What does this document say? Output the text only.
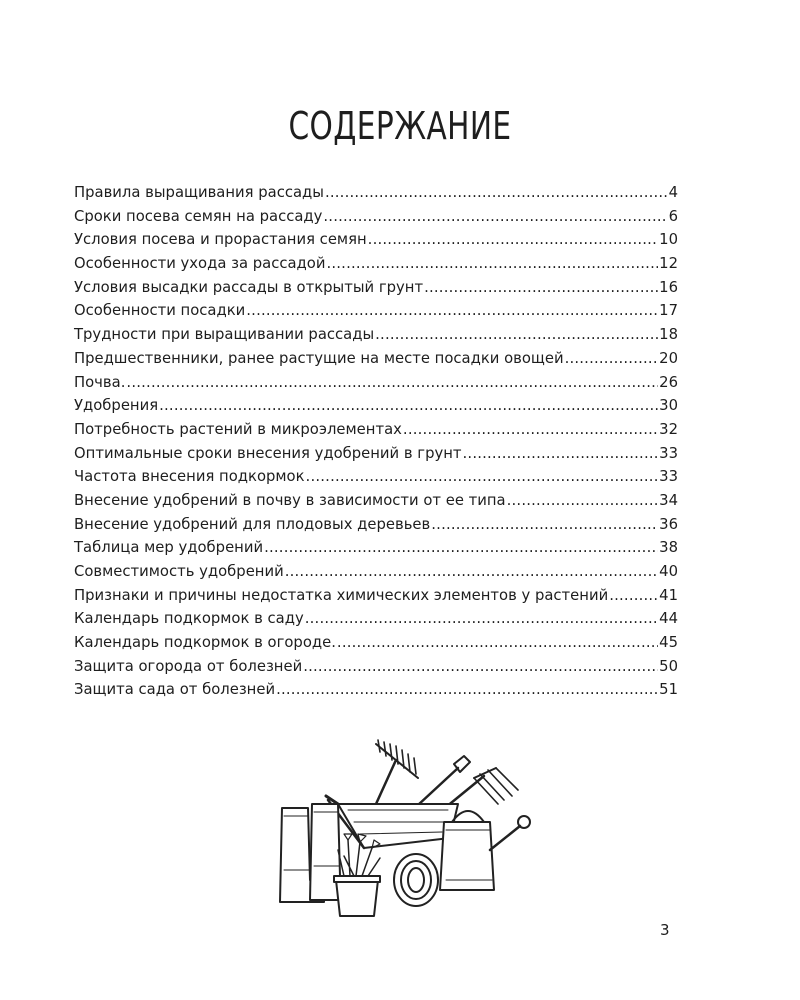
СОДЕРЖАНИЕ
Правила выращивания рассады .....	4
Сроки посева семян на рассаду .....	6
Условия посева и прорастания семян .....	10
Особенности ухода за рассадой .....	12
Условия высадки рассады в открытый грунт .....	16
Особенности посадки .....	17
Трудности при выращивании рассады .....	18
Предшественники, ранее растущие на месте посадки овощей .....	20
Почва. .....	26
Удобрения .....	30
Потребность растений в микроэлементах .....	32
Оптимальные сроки внесения удобрений в грунт .....	33
Частота внесения подкормок .....	33
Внесение удобрений в почву в зависимости от ее типа .....	34
Внесение удобрений для плодовых деревьев .....	36
Таблица мер удобрений .....	38
Совместимость удобрений .....	40
Признаки и причины недостатка химических элементов у растений .....	41
Календарь подкормок в саду .....	44
Календарь подкормок в огороде. .....	45
Защита огорода от болезней .....	50
Защита сада от болезней .....	51
3
